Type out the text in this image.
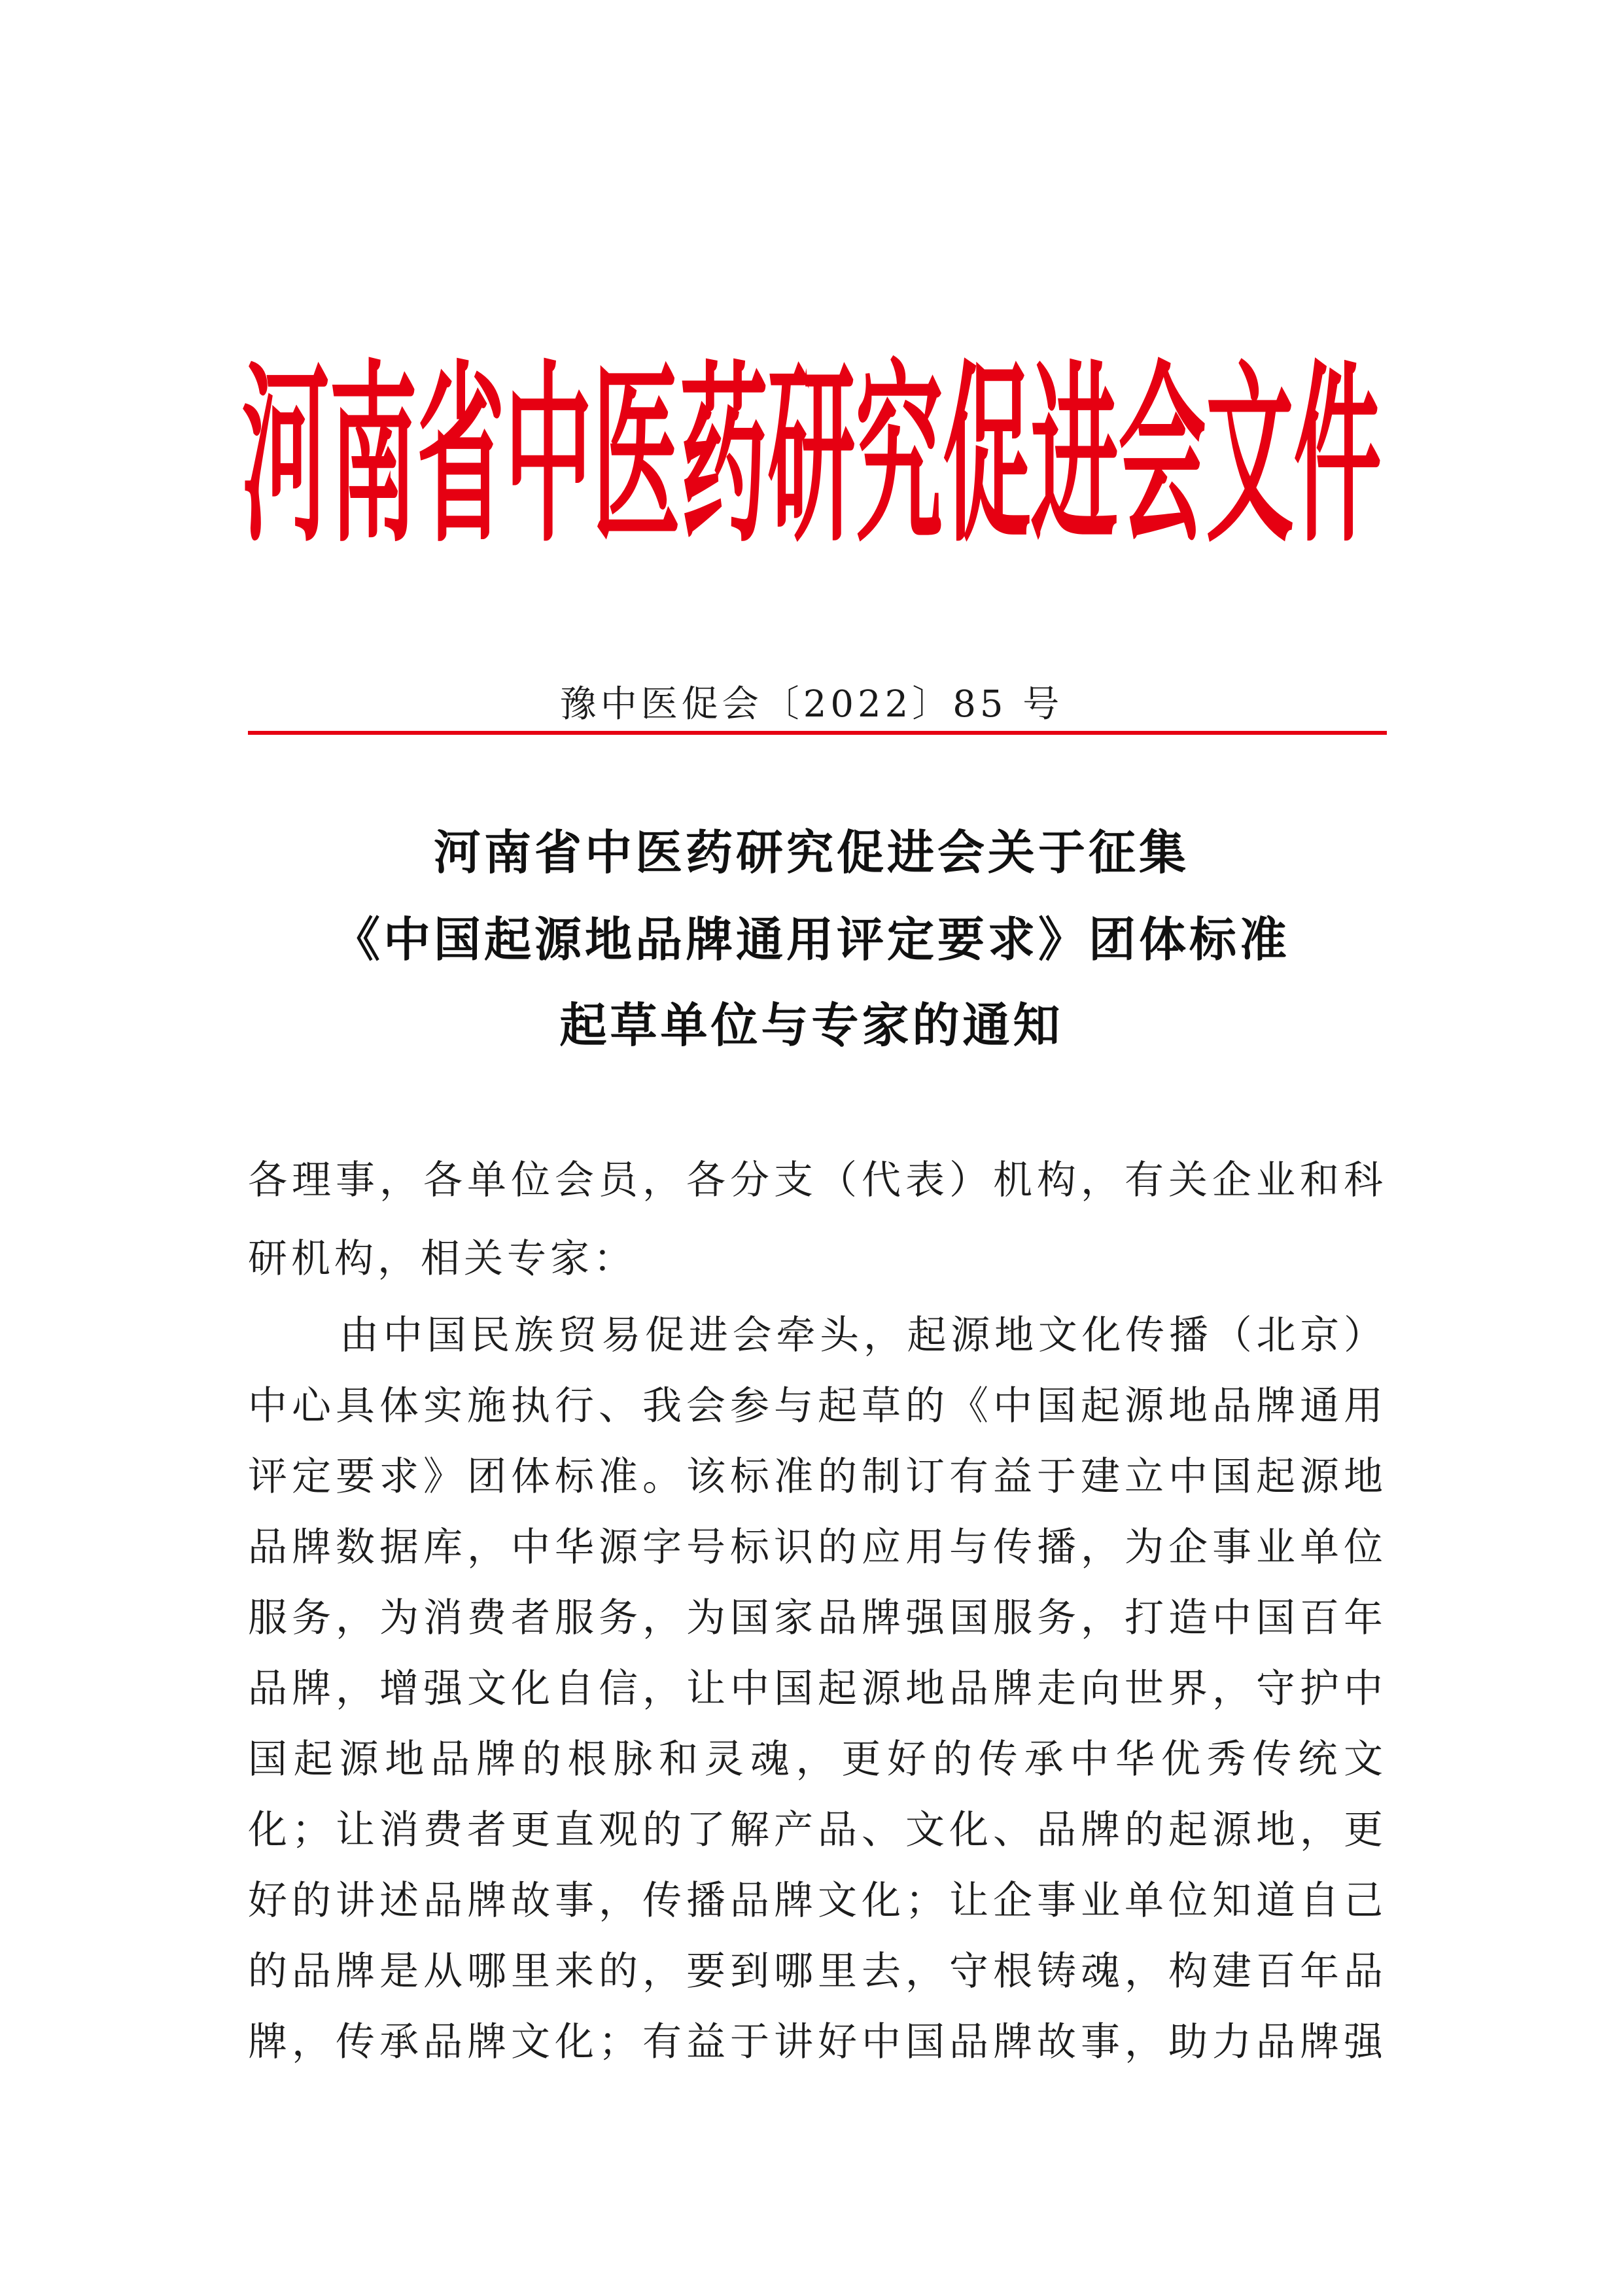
河南省中医药研究促进会文件
豫中医促会〔2022〕85 号
河南省中医药研究促进会关于征集
《中国起源地品牌通用评定要求》团体标准
起草单位与专家的通知
各理事，各单位会员，各分支（代表）机构，有关企业和科
研机构，相关专家：
由中国民族贸易促进会牵头，起源地文化传播（北京）
中心具体实施执行、我会参与起草的《中国起源地品牌通用
评定要求》团体标准。该标准的制订有益于建立中国起源地
品牌数据库，中华源字号标识的应用与传播，为企事业单位
服务，为消费者服务，为国家品牌强国服务，打造中国百年
品牌，增强文化自信，让中国起源地品牌走向世界，守护中
国起源地品牌的根脉和灵魂，更好的传承中华优秀传统文
化；让消费者更直观的了解产品、文化、品牌的起源地，更
好的讲述品牌故事，传播品牌文化；让企事业单位知道自己
的品牌是从哪里来的，要到哪里去，守根铸魂，构建百年品
牌，传承品牌文化；有益于讲好中国品牌故事，助力品牌强
